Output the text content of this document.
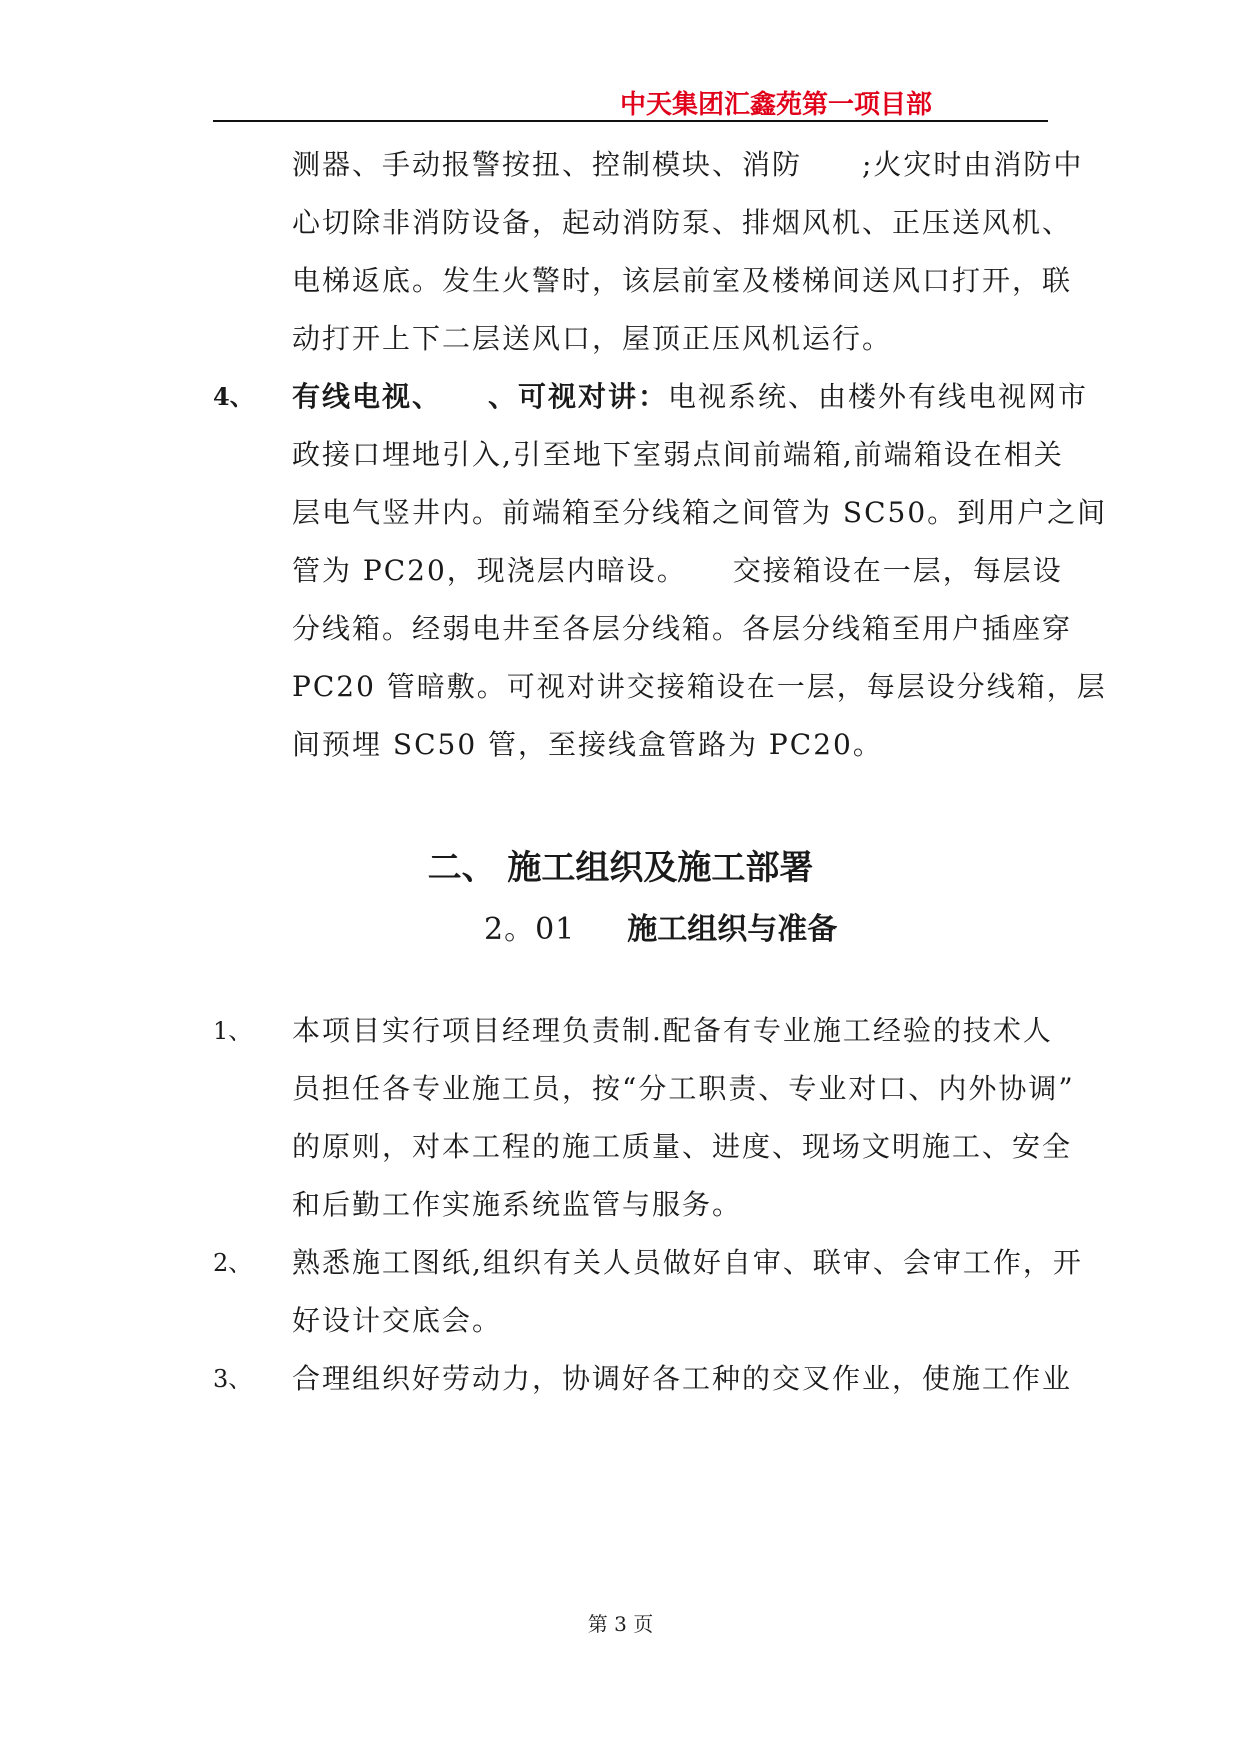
中天集团汇鑫苑第一项目部
测器、手动报警按扭、控制模块、消防　　;火灾时由消防中
心切除非消防设备，起动消防泵、排烟风机、正压送风机、
电梯返底。发生火警时，该层前室及楼梯间送风口打开，联
动打开上下二层送风口，屋顶正压风机运行。
4、 有线电视、　　、可视对讲：电视系统、由楼外有线电视网市
政接口埋地引入,引至地下室弱点间前端箱,前端箱设在相关
层电气竖井内。前端箱至分线箱之间管为 SC50。到用户之间
管为 PC20，现浇层内暗设。　　交接箱设在一层，每层设
分线箱。经弱电井至各层分线箱。各层分线箱至用户插座穿
PC20 管暗敷。可视对讲交接箱设在一层，每层设分线箱，层
间预埋 SC50 管，至接线盒管路为 PC20。
二、 施工组织及施工部署
2。01 施工组织与准备
1、 本项目实行项目经理负责制.配备有专业施工经验的技术人
员担任各专业施工员，按“分工职责、专业对口、内外协调”
的原则，对本工程的施工质量、进度、现场文明施工、安全
和后勤工作实施系统监管与服务。
2、 熟悉施工图纸,组织有关人员做好自审、联审、会审工作，开
好设计交底会。
3、 合理组织好劳动力，协调好各工种的交叉作业，使施工作业
第 3 页
